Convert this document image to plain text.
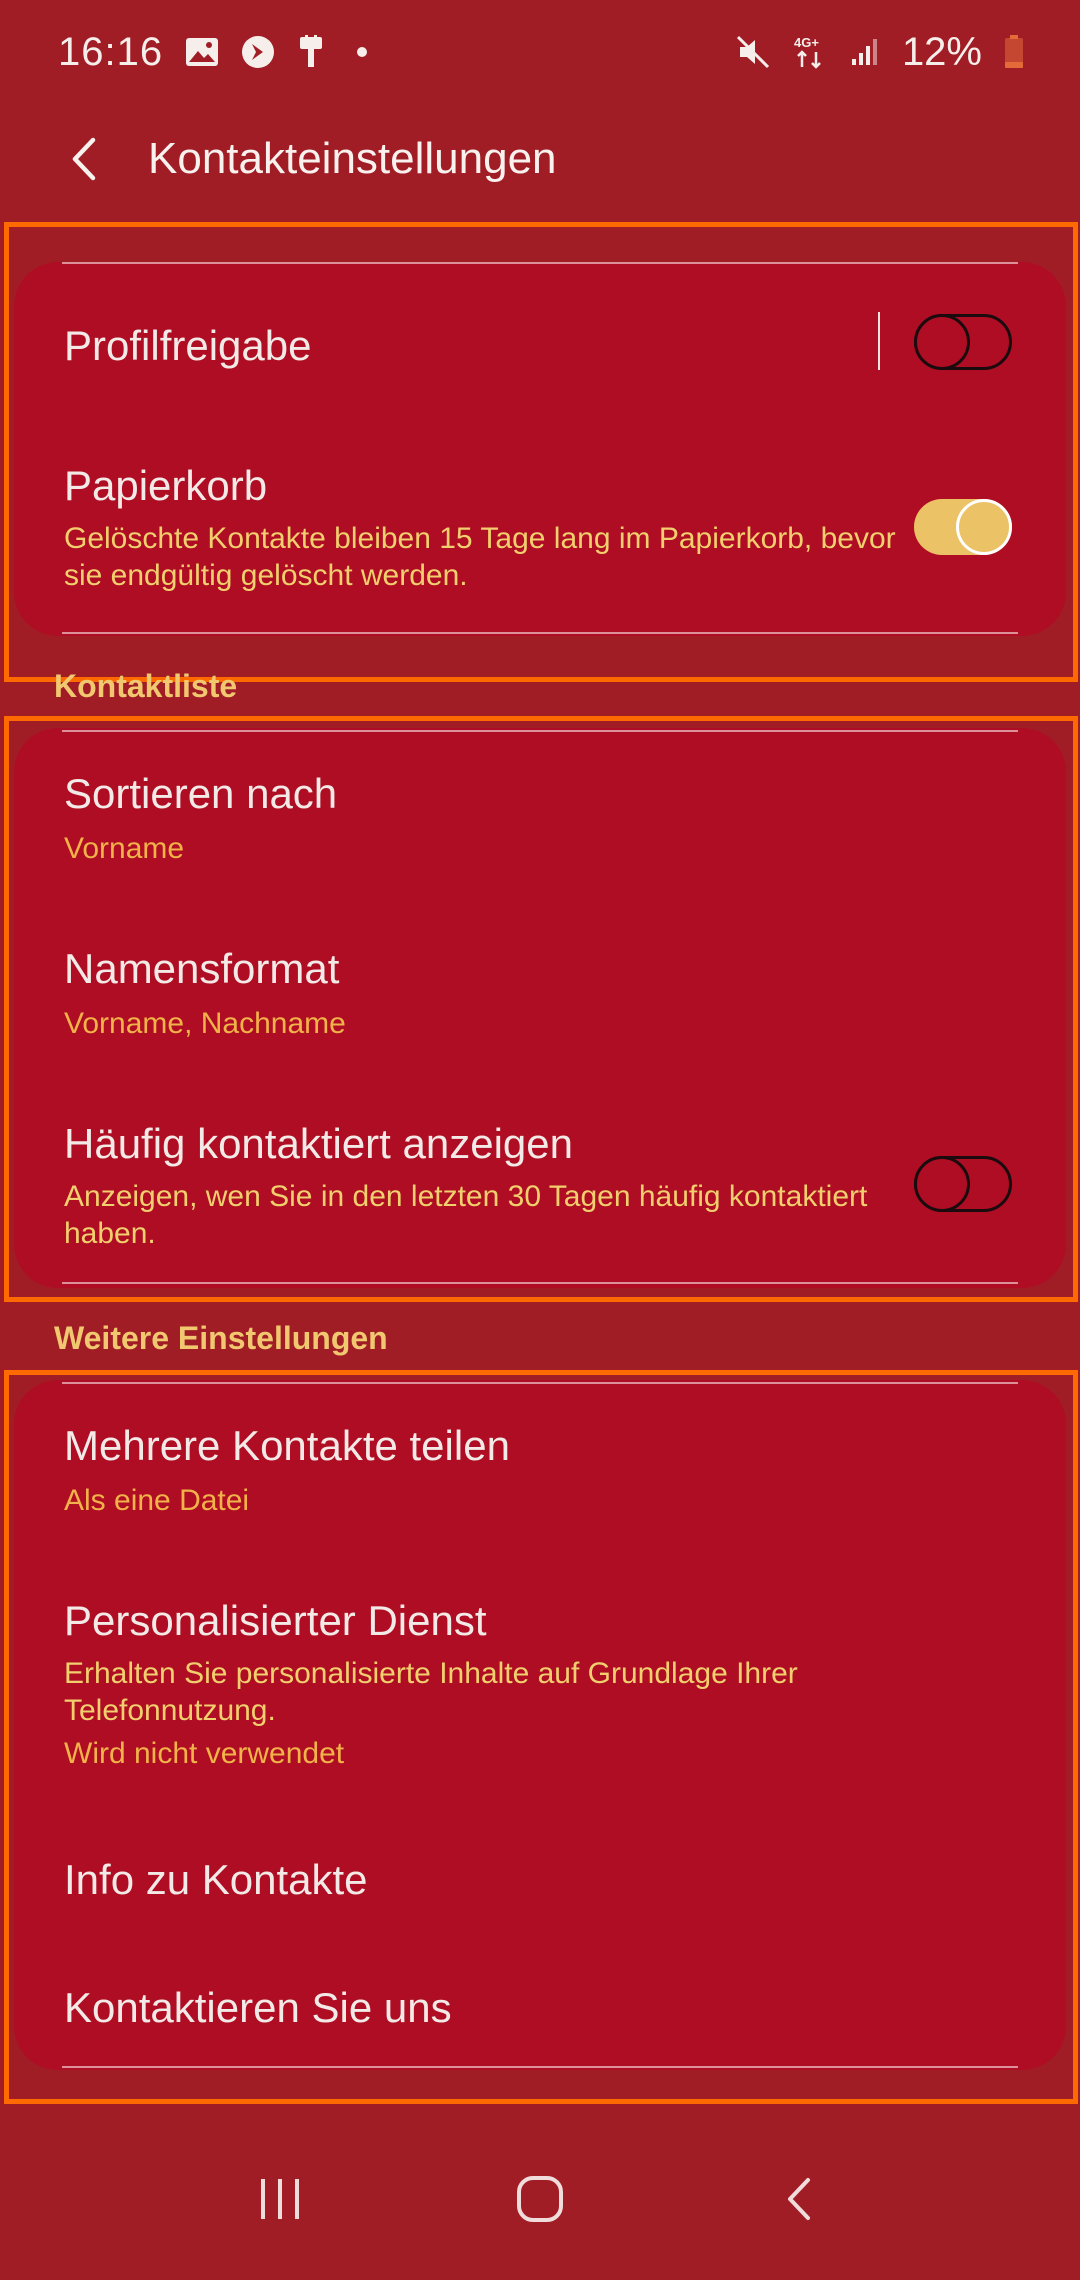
16:16	4G+ 12%
Kontakteinstellungen
Profilfreigabe
Papierkorb
Gelöschte Kontakte bleiben 15 Tage lang im Papierkorb, bevor sie endgültig gelöscht werden.
Kontaktliste
Sortieren nach
Vorname
Namensformat
Vorname, Nachname
Häufig kontaktiert anzeigen
Anzeigen, wen Sie in den letzten 30 Tagen häufig kontaktiert haben.
Weitere Einstellungen
Mehrere Kontakte teilen
Als eine Datei
Personalisierter Dienst
Erhalten Sie personalisierte Inhalte auf Grundlage Ihrer Telefonnutzung.
Wird nicht verwendet
Info zu Kontakte
Kontaktieren Sie uns
